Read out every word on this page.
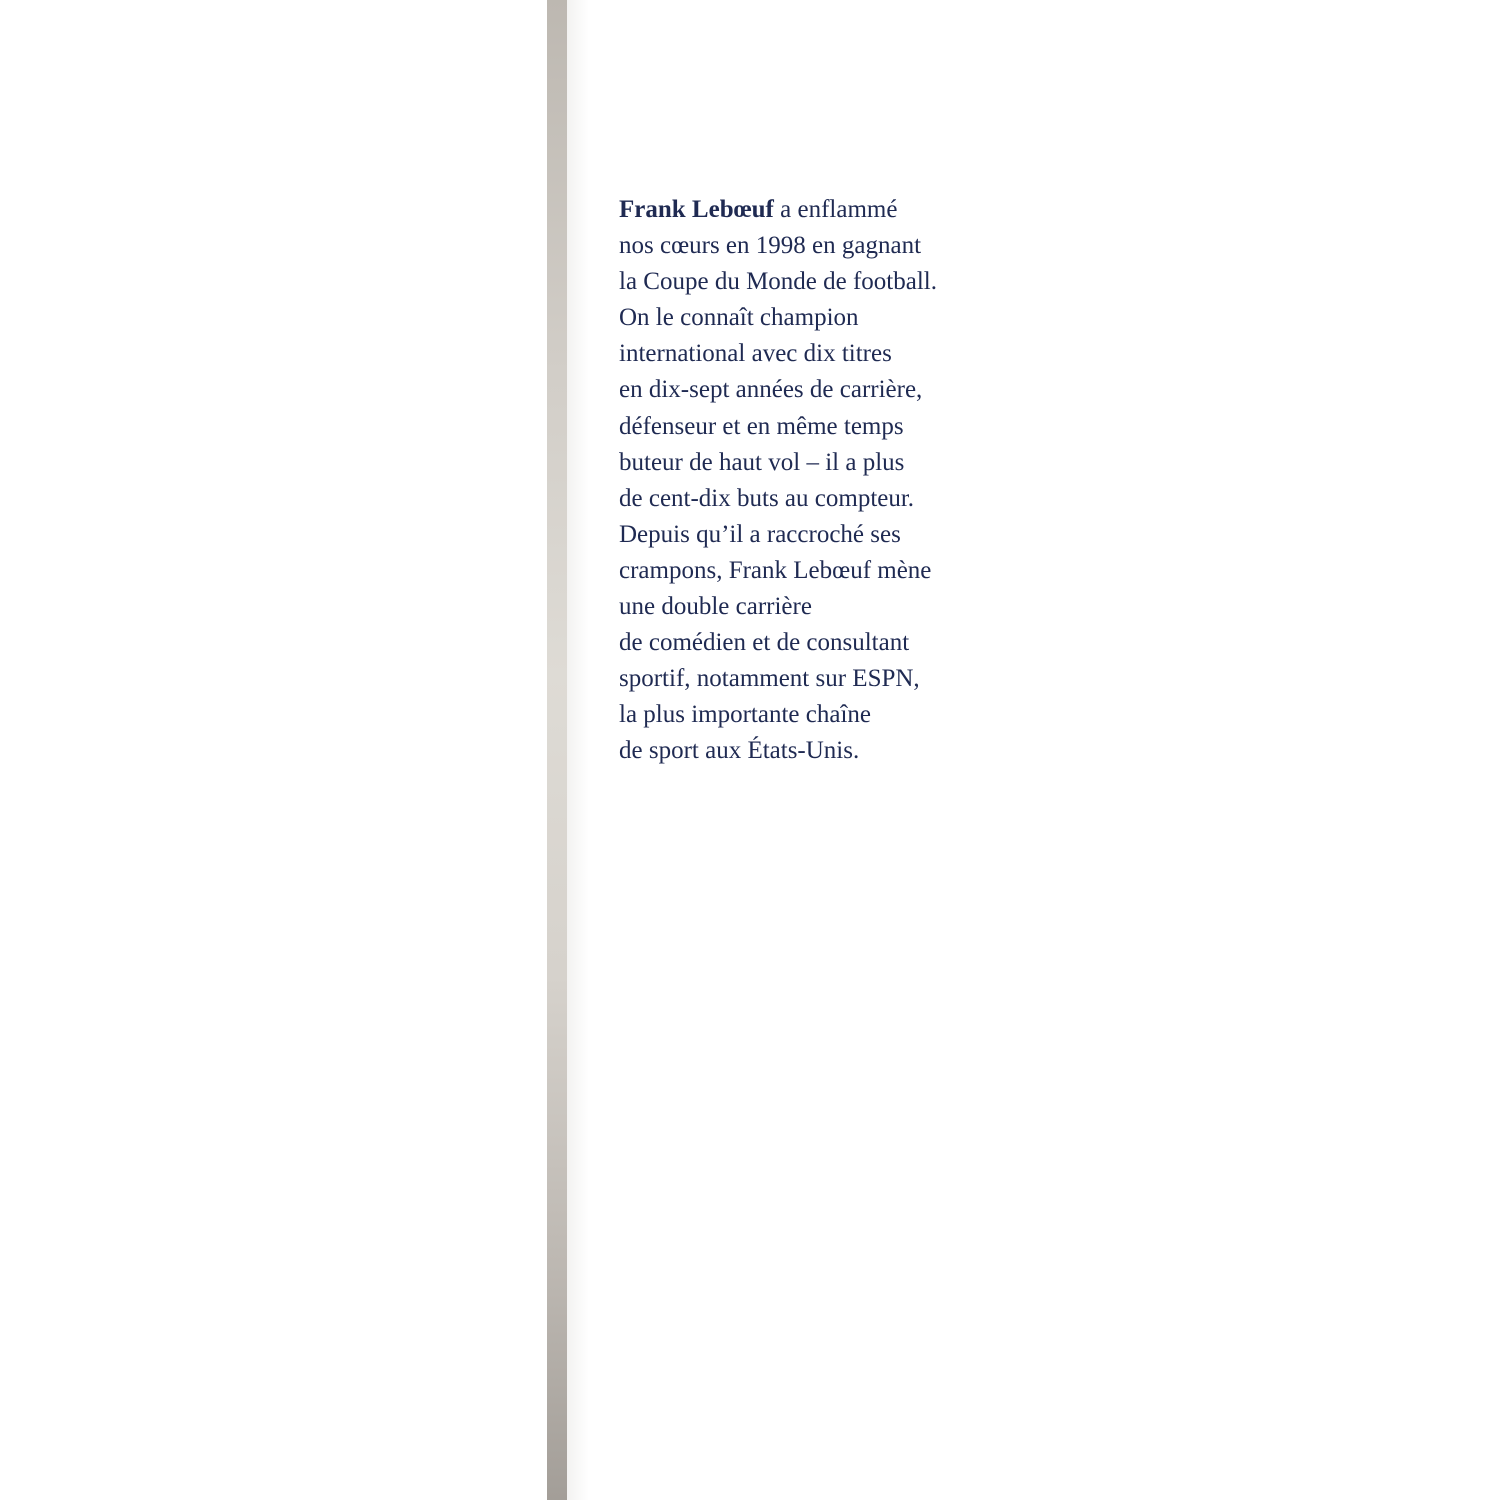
Frank Lebœuf a enflammé
nos cœurs en 1998 en gagnant
la Coupe du Monde de football.
On le connaît champion
international avec dix titres
en dix-sept années de carrière,
défenseur et en même temps
buteur de haut vol – il a plus
de cent-dix buts au compteur.
Depuis qu’il a raccroché ses
crampons, Frank Lebœuf mène
une double carrière
de comédien et de consultant
sportif, notamment sur ESPN,
la plus importante chaîne
de sport aux États-Unis.
